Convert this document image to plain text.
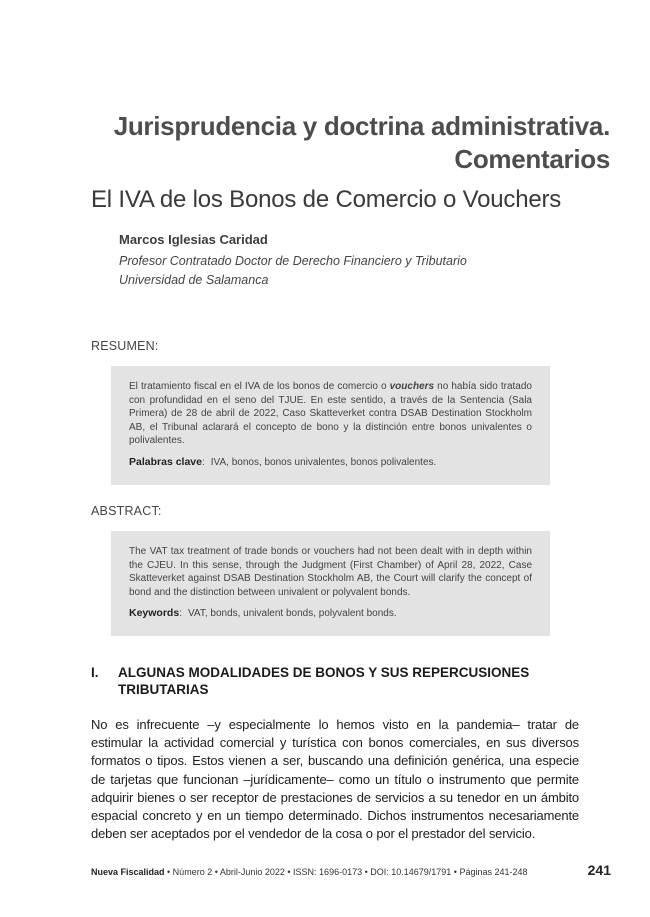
Jurisprudencia y doctrina administrativa.
Comentarios
El IVA de los Bonos de Comercio o Vouchers

Marcos Iglesias Caridad

Profesor Contratado Doctor de Derecho Financiero y Tributario

Universidad de Salamanca

RESUMEN:

El tratamiento fiscal en el IVA de los bonos de comercio o vouchers no había sido tratado con profundidad en el seno del TJUE. En este sentido, a través de la Sentencia (Sala Primera) de 28 de abril de 2022, Caso Skatteverket contra DSAB Destination Stockholm AB, el Tribunal aclarará el concepto de bono y la distinción entre bonos univalentes o polivalentes.

Palabras clave: IVA, bonos, bonos univalentes, bonos polivalentes.

ABSTRACT:

The VAT tax treatment of trade bonds or vouchers had not been dealt with in depth within the CJEU. In this sense, through the Judgment (First Chamber) of April 28, 2022, Case Skatteverket against DSAB Destination Stockholm AB, the Court will clarify the concept of bond and the distinction between univalent or polyvalent bonds.

Keywords: VAT, bonds, univalent bonds, polyvalent bonds.

I. ALGUNAS MODALIDADES DE BONOS Y SUS REPERCUSIONES TRIBUTARIAS

No es infrecuente –y especialmente lo hemos visto en la pandemia– tratar de estimular la actividad comercial y turística con bonos comerciales, en sus diversos formatos o tipos. Estos vienen a ser, buscando una definición genérica, una especie de tarjetas que funcionan –jurídicamente– como un título o instrumento que permite adquirir bienes o ser receptor de prestaciones de servicios a su tenedor en un ámbito espacial concreto y en un tiempo determinado. Dichos instrumentos necesariamente deben ser aceptados por el vendedor de la cosa o por el prestador del servicio.

Nueva Fiscalidad • Número 2 • Abril-Junio 2022 • ISSN: 1696-0173 • DOI: 10.14679/1791 • Páginas 241-248	241
